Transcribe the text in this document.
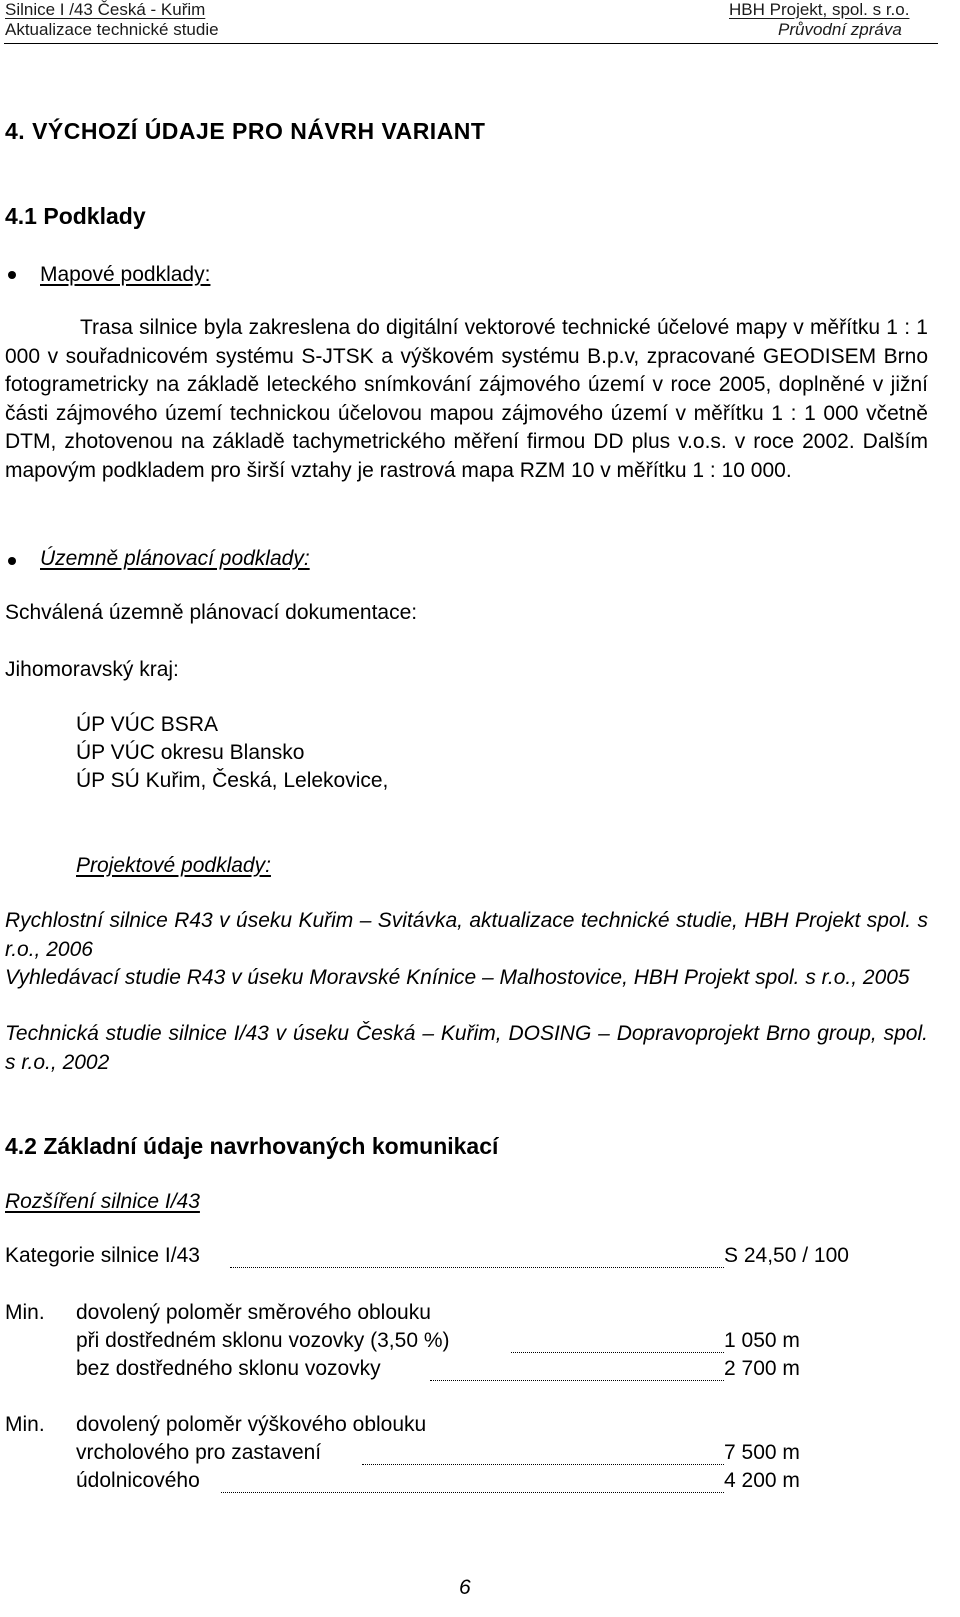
Silnice I /43 Česká - Kuřim
Aktualizace technické studie
HBH Projekt, spol. s r.o.
Průvodní zpráva
4. VÝCHOZÍ ÚDAJE PRO NÁVRH VARIANT
4.1 Podklady
Mapové podklady:
Trasa silnice byla zakreslena do digitální vektorové technické účelové mapy v měřítku 1 : 1 000 v souřadnicovém systému S-JTSK a výškovém systému B.p.v, zpracované GEODISEM Brno fotogrametricky na základě leteckého snímkování zájmového území v roce 2005, doplněné v jižní části zájmového území technickou účelovou mapou zájmového území v měřítku 1 : 1 000 včetně DTM, zhotovenou na základě tachymetrického měření firmou DD plus v.o.s. v roce 2002. Dalším mapovým podkladem pro širší vztahy je rastrová mapa RZM 10 v měřítku 1 : 10 000.
Územně plánovací podklady:
Schválená územně plánovací dokumentace:
Jihomoravský kraj:
ÚP VÚC BSRA
ÚP VÚC okresu Blansko
ÚP SÚ Kuřim, Česká, Lelekovice,
Projektové podklady:
Rychlostní silnice R43 v úseku Kuřim – Svitávka, aktualizace technické studie, HBH Projekt spol. s r.o., 2006
Vyhledávací studie R43 v úseku Moravské Knínice – Malhostovice, HBH Projekt spol. s r.o., 2005
Technická studie silnice I/43 v úseku Česká – Kuřim, DOSING – Dopravoprojekt Brno group, spol. s r.o., 2002
4.2 Základní údaje navrhovaných komunikací
Rozšíření silnice I/43
Kategorie silnice I/43	S 24,50 / 100
Min. dovolený poloměr směrového oblouku
při dostředném sklonu vozovky (3,50 %)	1 050 m
bez dostředného sklonu vozovky	2 700 m
Min. dovolený poloměr výškového oblouku
vrcholového pro zastavení	7 500 m
údolnicového	4 200 m
6
